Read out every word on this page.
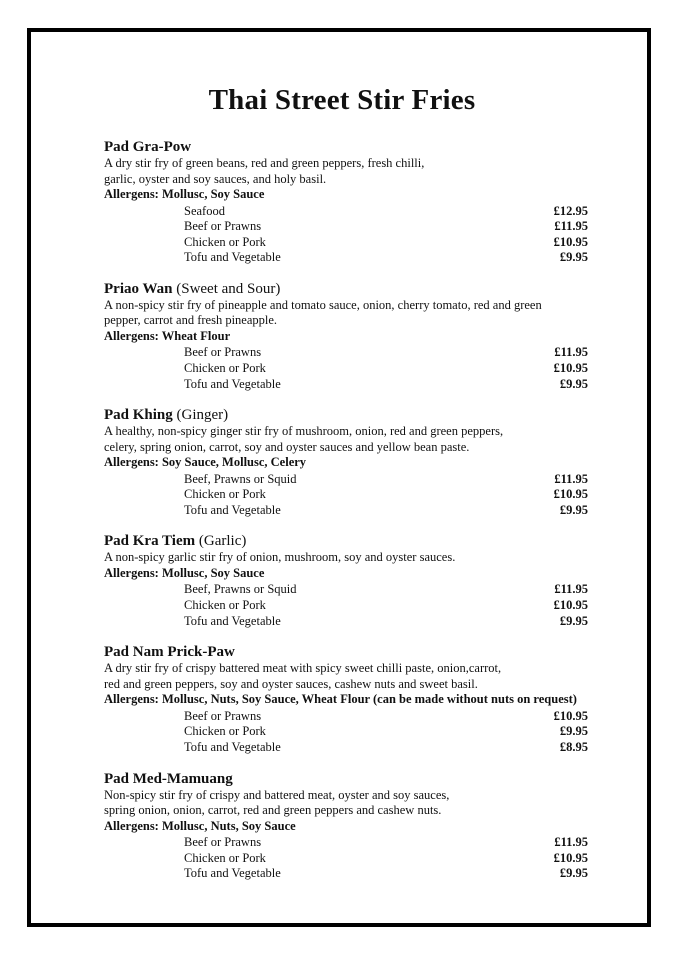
Thai Street Stir Fries
Pad Gra-Pow
A dry stir fry of green beans, red and green peppers, fresh chilli,
garlic, oyster and soy sauces, and holy basil.
Allergens: Mollusc, Soy Sauce
Seafood	£12.95
Beef or Prawns	£11.95
Chicken or Pork	£10.95
Tofu and Vegetable	£9.95
Priao Wan (Sweet and Sour)
A non-spicy stir fry of pineapple and tomato sauce, onion, cherry tomato, red and green
pepper, carrot and fresh pineapple.
Allergens: Wheat Flour
Beef or Prawns	£11.95
Chicken or Pork	£10.95
Tofu and Vegetable	£9.95
Pad Khing (Ginger)
A healthy, non-spicy ginger stir fry of mushroom, onion, red and green peppers,
celery, spring onion, carrot, soy and oyster sauces and yellow bean paste.
Allergens: Soy Sauce, Mollusc, Celery
Beef, Prawns or Squid	£11.95
Chicken or Pork	£10.95
Tofu and Vegetable	£9.95
Pad Kra Tiem (Garlic)
A non-spicy garlic stir fry of onion, mushroom, soy and oyster sauces.
Allergens: Mollusc, Soy Sauce
Beef, Prawns or Squid	£11.95
Chicken or Pork	£10.95
Tofu and Vegetable	£9.95
Pad Nam Prick-Paw
A dry stir fry of crispy battered meat with spicy sweet chilli paste, onion,carrot,
red and green peppers, soy and oyster sauces, cashew nuts and sweet basil.
Allergens: Mollusc, Nuts, Soy Sauce, Wheat Flour (can be made without nuts on request)
Beef or Prawns	£10.95
Chicken or Pork	£9.95
Tofu and Vegetable	£8.95
Pad Med-Mamuang
Non-spicy stir fry of crispy and battered meat, oyster and soy sauces,
spring onion, onion, carrot, red and green peppers and cashew nuts.
Allergens: Mollusc, Nuts, Soy Sauce
Beef or Prawns	£11.95
Chicken or Pork	£10.95
Tofu and Vegetable	£9.95
